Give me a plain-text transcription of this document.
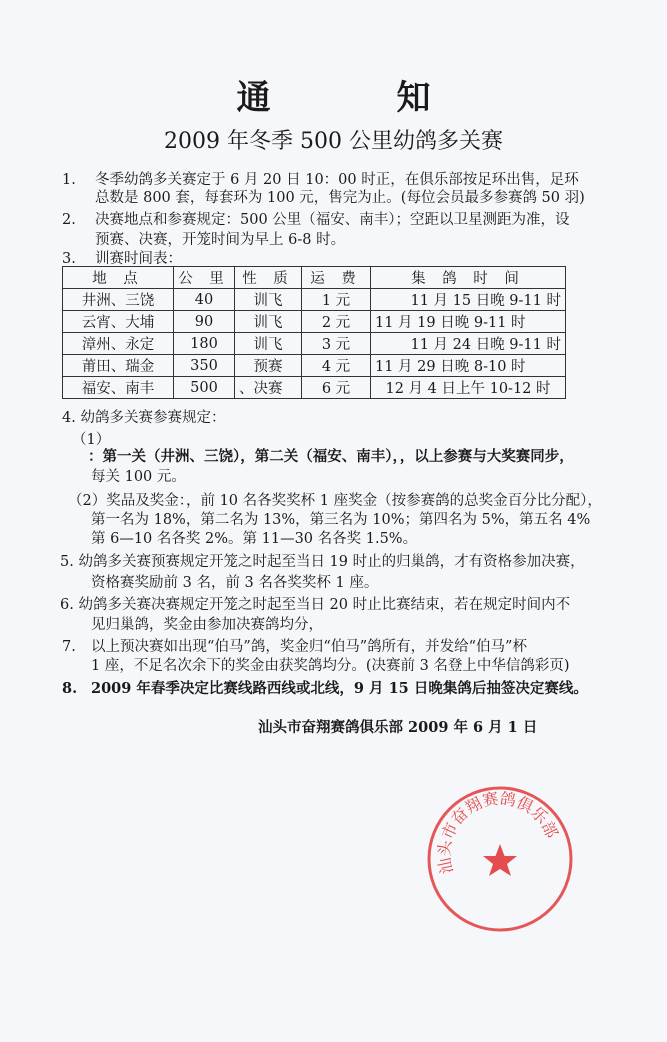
通　知
2009 年冬季 500 公里幼鸽多关赛
1. 冬季幼鸽多关赛定于 6 月 20 日 10：00 时正，在俱乐部按足环出售，足环
总数是 800 套，每套环为 100 元，售完为止。(每位会员最多参赛鸽 50 羽)
2. 决赛地点和参赛规定：500 公里（福安、南丰）；空距以卫星测距为准，设
预赛、决赛，开笼时间为早上 6-8 时。
3. 训赛时间表：
地 点	公 里	性 质	运 费	集 鸽 时 间
井洲、三饶	40	训飞	1 元	11 月 15 日晚 9-11 时
云宵、大埔	90	训飞	2 元	11 月 19 日晚 9-11 时
漳州、永定	180	训飞	3 元	11 月 24 日晚 9-11 时
莆田、瑞金	350	预赛	4 元	11 月 29 日晚 8-10 时
福安、南丰	500	、决赛	6 元	12 月 4 日上午 10-12 时
4. 幼鸽多关赛参赛规定：
（1）
：第一关（井洲、三饶），第二关（福安、南丰），，以上参赛与大奖赛同步，
每关 100 元。
（2）奖品及奖金：，前 10 名各奖奖杯 1 座奖金（按参赛鸽的总奖金百分比分配），
第一名为 18%，第二名为 13%，第三名为 10%；第四名为 5%，第五名 4%
第 6—10 名各奖 2%。第 11—30 名各奖 1.5%。
5. 幼鸽多关赛预赛规定开笼之时起至当日 19 时止的归巢鸽，才有资格参加决赛，
资格赛奖励前 3 名，前 3 名各奖奖杯 1 座。
6. 幼鸽多关赛决赛规定开笼之时起至当日 20 时止比赛结束，若在规定时间内不
见归巢鸽，奖金由参加决赛鸽均分，
7. 以上预决赛如出现“伯马”鸽，奖金归“伯马”鸽所有，并发给“伯马”杯
1 座，不足名次余下的奖金由获奖鸽均分。(决赛前 3 名登上中华信鸽彩页)
8. 2009 年春季决定比赛线路西线或北线，9 月 15 日晚集鸽后抽签决定赛线。
汕头市奋翔赛鸽俱乐部 2009 年 6 月 1 日
汕头市奋翔赛鸽俱乐部
